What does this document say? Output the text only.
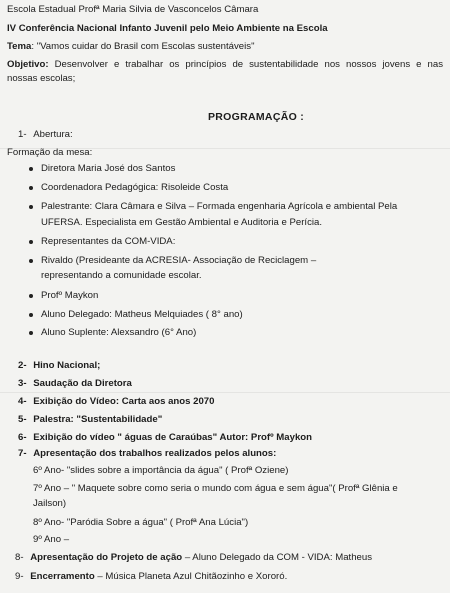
Escola Estadual Profª Maria Silvia de Vasconcelos Câmara
IV Conferência Nacional Infanto Juvenil pelo Meio Ambiente na Escola
Tema: "Vamos cuidar do Brasil com Escolas sustentáveis"
Objetivo: Desenvolver e trabalhar os princípios de sustentabilidade nos nossos jovens e nas
nossas escolas;
PROGRAMAÇÃO :
1- Abertura:
Formação da mesa:
Diretora Maria José dos Santos
Coordenadora Pedagógica: Risoleide Costa
Palestrante: Clara Câmara e Silva – Formada engenharia Agrícola e ambiental Pela
UFERSA. Especialista em Gestão Ambiental e Auditoria e Perícia.
Representantes da COM-VIDA:
Rivaldo (Presideante da ACRESIA- Associação de Reciclagem –
representando a comunidade escolar.
Profº Maykon
Aluno Delegado: Matheus Melquiades ( 8° ano)
Aluno Suplente: Alexsandro (6° Ano)
2- Hino Nacional;
3- Saudação da Diretora
4- Exibição do Vídeo: Carta aos anos 2070
5- Palestra: "Sustentabilidade"
6- Exibição do vídeo " águas de Caraúbas" Autor: Profº Maykon
7- Apresentação dos trabalhos realizados pelos alunos:
6º Ano- "slides sobre a importância da água" ( Profª Oziene)
7º Ano – " Maquete sobre como seria o mundo com água e sem água"( Profª Glênia e
Jailson)
8º Ano- "Paródia Sobre a água" ( Profª Ana Lúcia")
9º Ano –
8- Apresentação do Projeto de ação – Aluno Delegado da COM - VIDA: Matheus
9- Encerramento – Música Planeta Azul Chitãozinho e Xororó.
